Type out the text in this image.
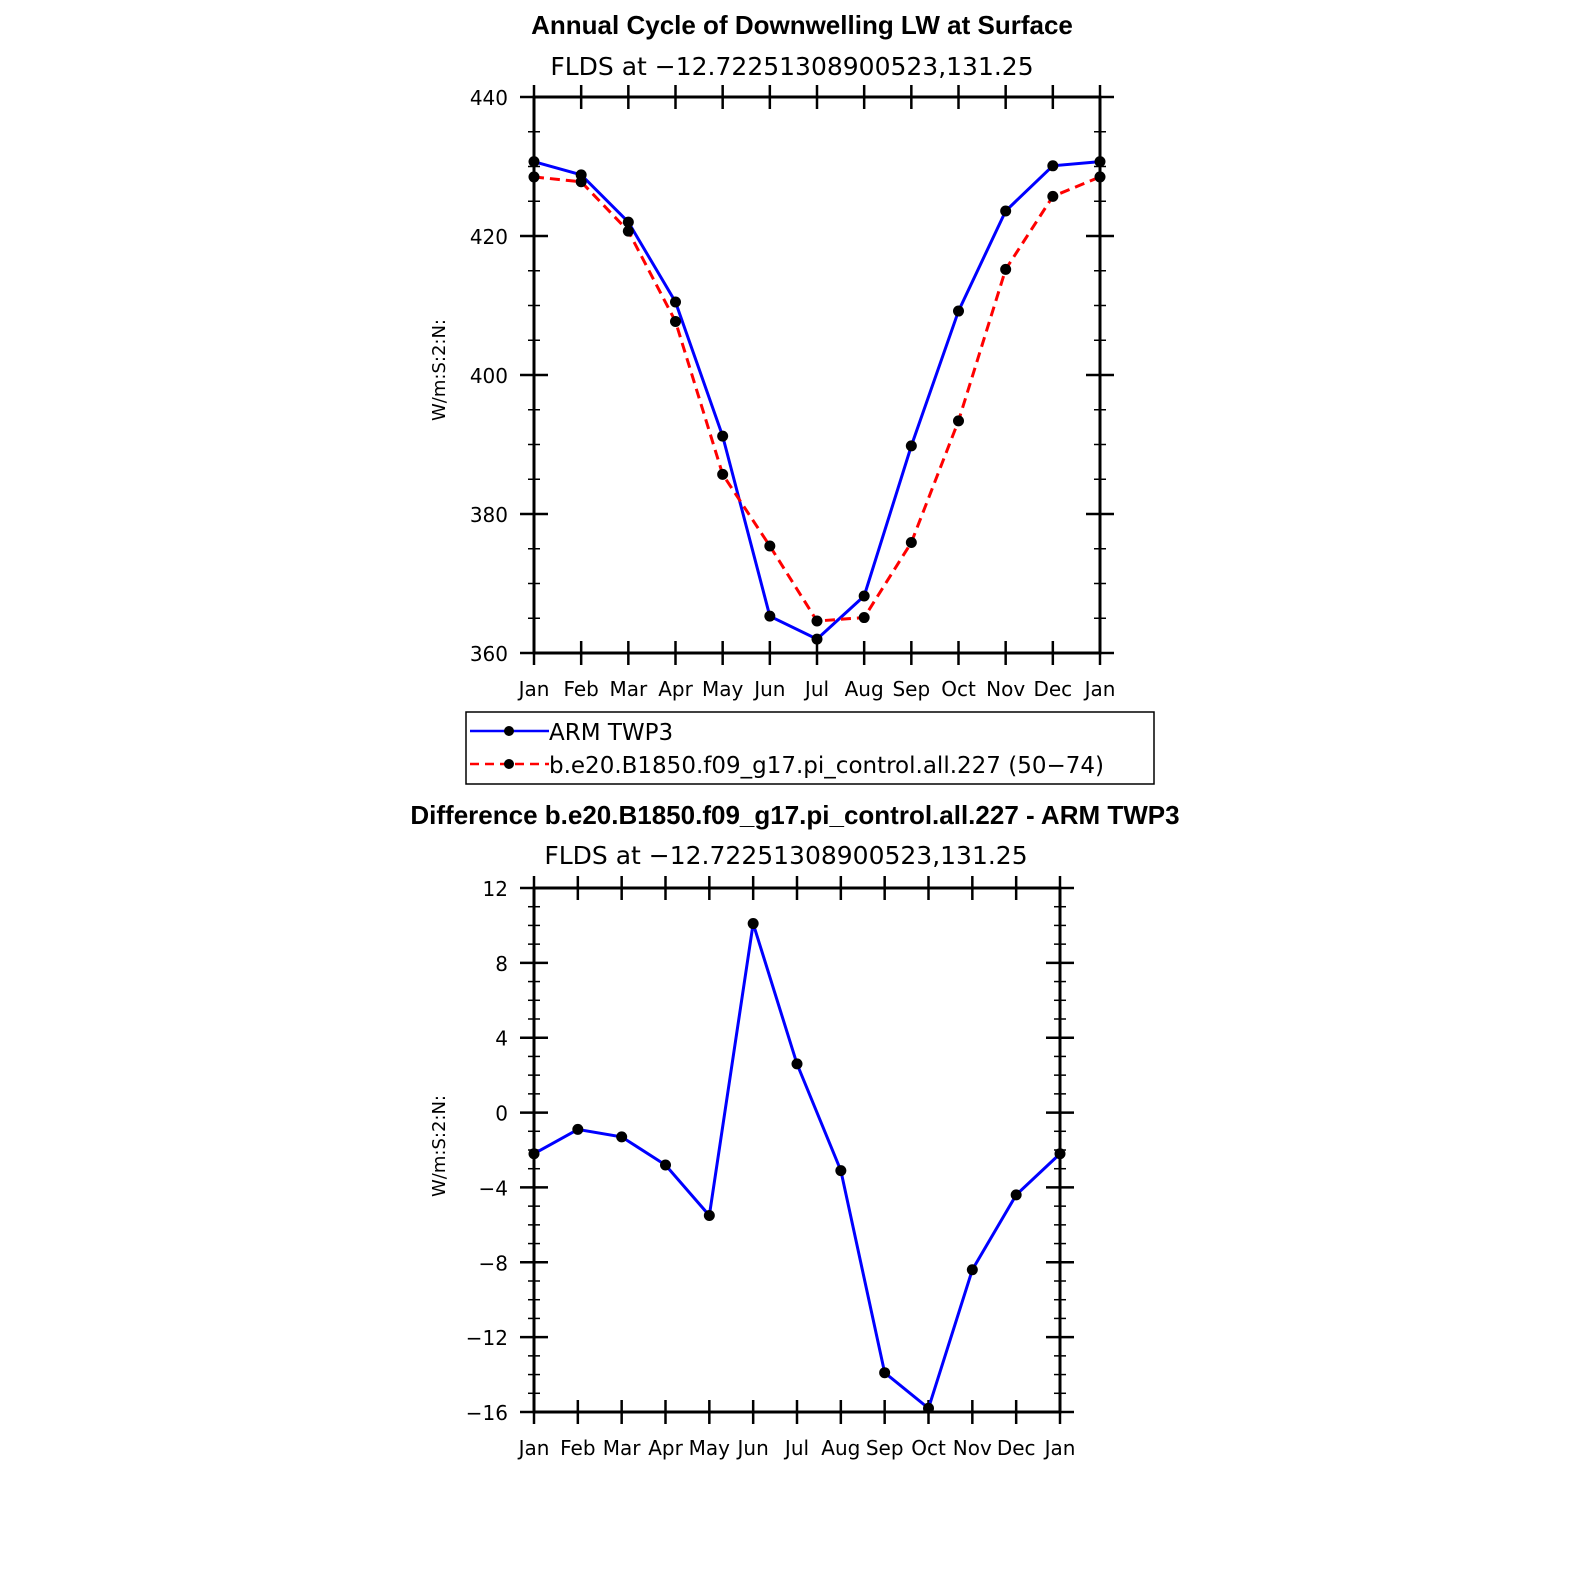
Annual Cycle of Downwelling LW at Surface
FLDS at −12.72251308900523,131.25
W/m:S:2:N:
Jan Feb Mar Apr May Jun Jul Aug Sep Oct Nov Dec Jan
360
380
400
420
440
ARM TWP3
b.e20.B1850.f09_g17.pi_control.all.227 (50−74)
Difference b.e20.B1850.f09_g17.pi_control.all.227 - ARM TWP3
FLDS at −12.72251308900523,131.25
W/m:S:2:N:
Jan Feb Mar Apr May Jun Jul Aug Sep Oct Nov Dec Jan
−16
−12
−8
−4
0
4
8
12
